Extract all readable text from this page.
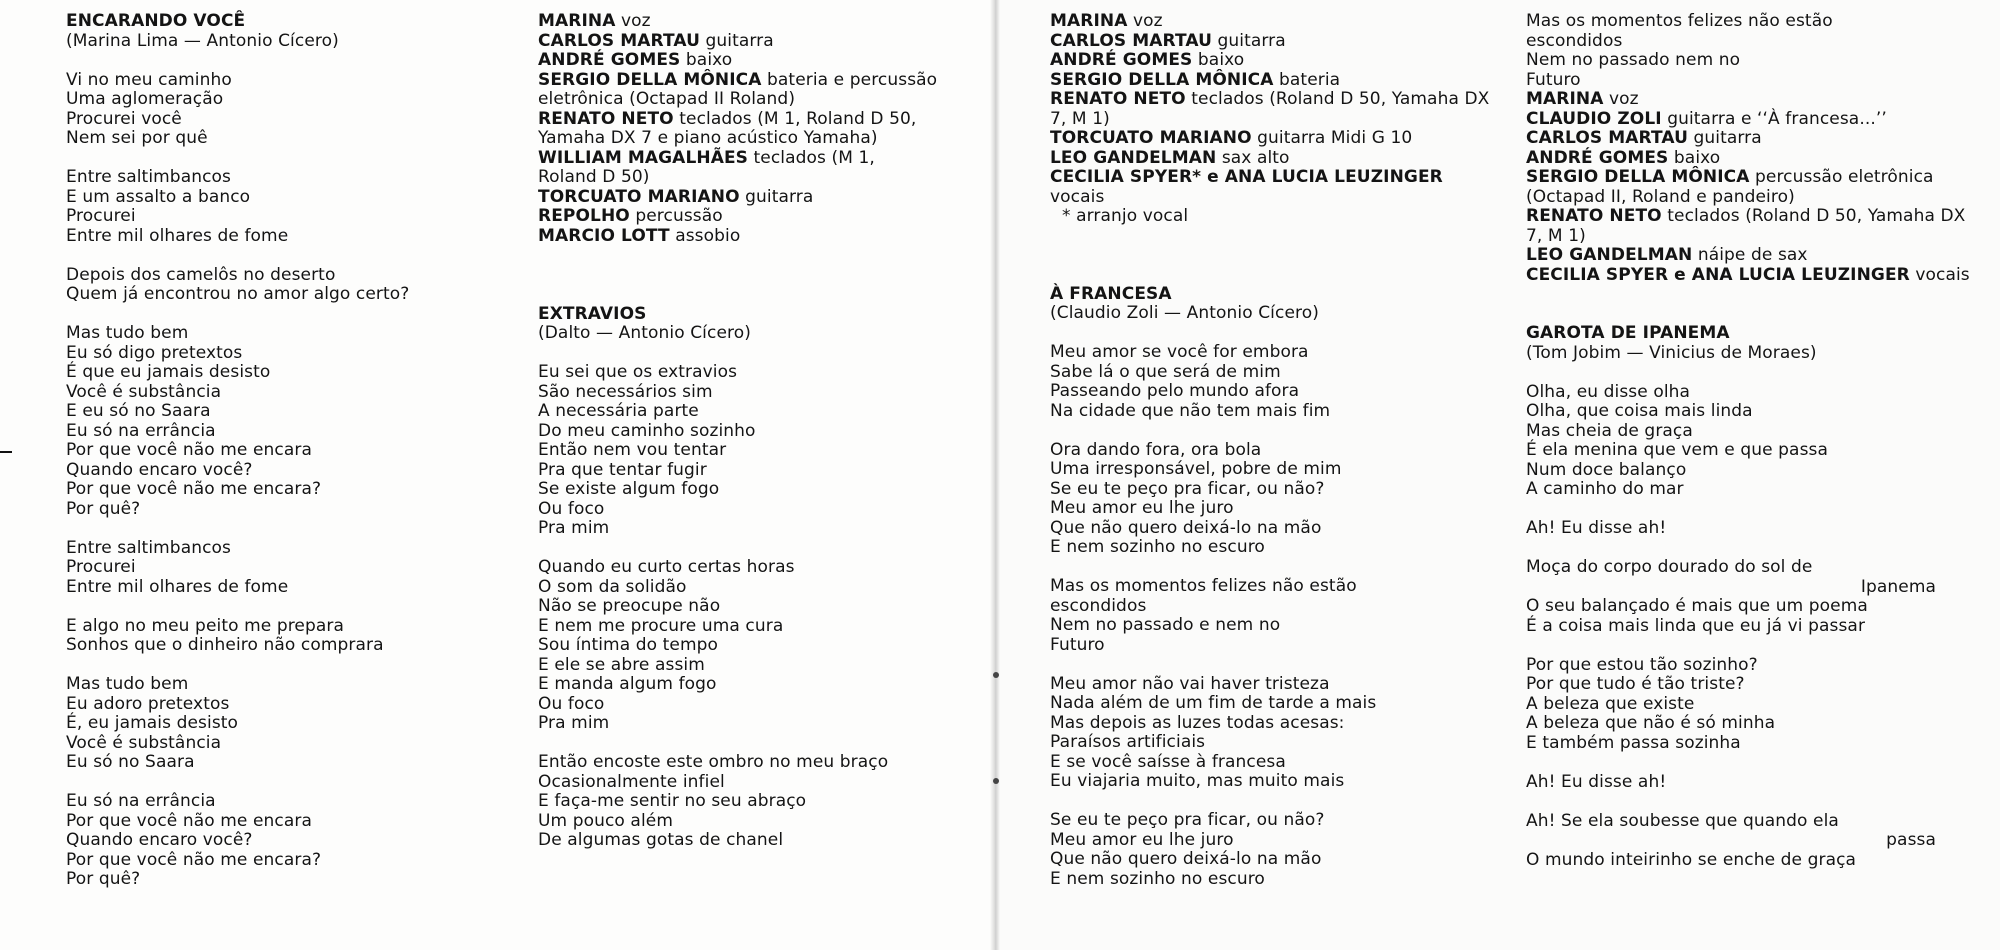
ENCARANDO VOCÊ
(Marina Lima — Antonio Cícero)
Vi no meu caminho
Uma aglomeração
Procurei você
Nem sei por quê
Entre saltimbancos
E um assalto a banco
Procurei
Entre mil olhares de fome
Depois dos camelôs no deserto
Quem já encontrou no amor algo certo?
Mas tudo bem
Eu só digo pretextos
É que eu jamais desisto
Você é substância
E eu só no Saara
Eu só na errância
Por que você não me encara
Quando encaro você?
Por que você não me encara?
Por quê?
Entre saltimbancos
Procurei
Entre mil olhares de fome
E algo no meu peito me prepara
Sonhos que o dinheiro não comprara
Mas tudo bem
Eu adoro pretextos
É, eu jamais desisto
Você é substância
Eu só no Saara
Eu só na errância
Por que você não me encara
Quando encaro você?
Por que você não me encara?
Por quê?
MARINA voz
CARLOS MARTAU guitarra
ANDRÉ GOMES baixo
SERGIO DELLA MÔNICA bateria e percussão eletrônica (Octapad II Roland)
RENATO NETO teclados (M 1, Roland D 50, Yamaha DX 7 e piano acústico Yamaha)
WILLIAM MAGALHÃES teclados (M 1, Roland D 50)
TORCUATO MARIANO guitarra
REPOLHO percussão
MARCIO LOTT assobio
EXTRAVIOS
(Dalto — Antonio Cícero)
Eu sei que os extravios
São necessários sim
A necessária parte
Do meu caminho sozinho
Então nem vou tentar
Pra que tentar fugir
Se existe algum fogo
Ou foco
Pra mim
Quando eu curto certas horas
O som da solidão
Não se preocupe não
E nem me procure uma cura
Sou íntima do tempo
E ele se abre assim
E manda algum fogo
Ou foco
Pra mim
Então encoste este ombro no meu braço
Ocasionalmente infiel
E faça-me sentir no seu abraço
Um pouco além
De algumas gotas de chanel
MARINA voz
CARLOS MARTAU guitarra
ANDRÉ GOMES baixo
SERGIO DELLA MÔNICA bateria
RENATO NETO teclados (Roland D 50, Yamaha DX 7, M 1)
TORCUATO MARIANO guitarra Midi G 10
LEO GANDELMAN sax alto
CECILIA SPYER* e ANA LUCIA LEUZINGER vocais
* arranjo vocal
À FRANCESA
(Claudio Zoli — Antonio Cícero)
Meu amor se você for embora
Sabe lá o que será de mim
Passeando pelo mundo afora
Na cidade que não tem mais fim
Ora dando fora, ora bola
Uma irresponsável, pobre de mim
Se eu te peço pra ficar, ou não?
Meu amor eu lhe juro
Que não quero deixá-lo na mão
E nem sozinho no escuro
Mas os momentos felizes não estão
escondidos
Nem no passado e nem no
Futuro
Meu amor não vai haver tristeza
Nada além de um fim de tarde a mais
Mas depois as luzes todas acesas:
Paraísos artificiais
E se você saísse à francesa
Eu viajaria muito, mas muito mais
Se eu te peço pra ficar, ou não?
Meu amor eu lhe juro
Que não quero deixá-lo na mão
E nem sozinho no escuro
Mas os momentos felizes não estão
escondidos
Nem no passado nem no
Futuro
MARINA voz
CLAUDIO ZOLI guitarra e ‘‘À francesa...’’
CARLOS MARTAU guitarra
ANDRÉ GOMES baixo
SERGIO DELLA MÔNICA percussão eletrônica (Octapad II, Roland e pandeiro)
RENATO NETO teclados (Roland D 50, Yamaha DX 7, M 1)
LEO GANDELMAN náipe de sax
CECILIA SPYER e ANA LUCIA LEUZINGER vocais
GAROTA DE IPANEMA
(Tom Jobim — Vinicius de Moraes)
Olha, eu disse olha
Olha, que coisa mais linda
Mas cheia de graça
É ela menina que vem e que passa
Num doce balanço
A caminho do mar
Ah! Eu disse ah!
Moça do corpo dourado do sol de
Ipanema
O seu balançado é mais que um poema
É a coisa mais linda que eu já vi passar
Por que estou tão sozinho?
Por que tudo é tão triste?
A beleza que existe
A beleza que não é só minha
E também passa sozinha
Ah! Eu disse ah!
Ah! Se ela soubesse que quando ela
passa
O mundo inteirinho se enche de graça
